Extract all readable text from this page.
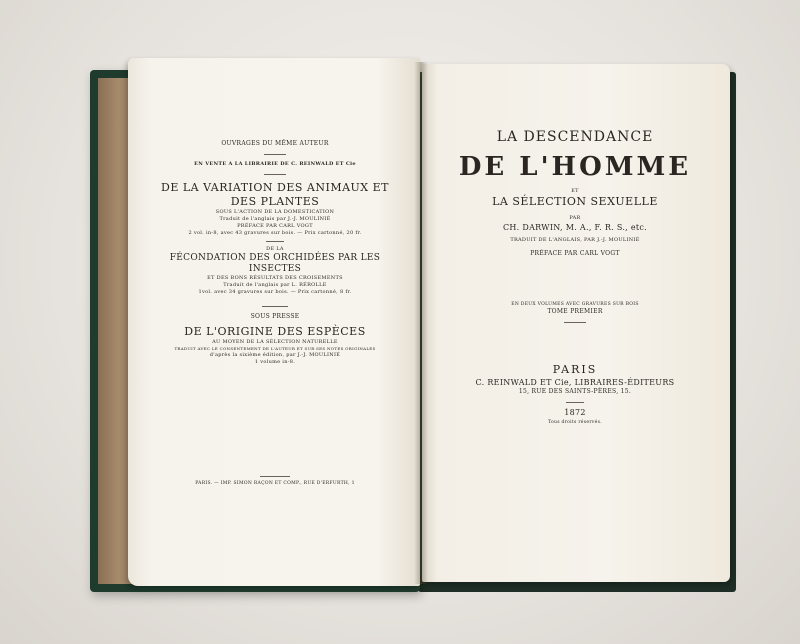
OUVRAGES DU MÊME AUTEUR
EN VENTE A LA LIBRAIRIE DE C. REINWALD ET Cie
DE LA VARIATION DES ANIMAUX ET DES PLANTES
SOUS L'ACTION DE LA DOMESTICATION
Traduit de l'anglais par J.-J. MOULINIÉ
PRÉFACE PAR CARL VOGT
2 vol. in-8, avec 43 gravures sur bois. — Prix cartonné, 20 fr.
DE LA
FÉCONDATION DES ORCHIDÉES PAR LES INSECTES
ET DES BONS RÉSULTATS DES CROISEMENTS
Traduit de l'anglais par L. RÉROLLE
1vol. avec 34 gravures sur bois. — Prix cartonné, 8 fr.
SOUS PRESSE
DE L'ORIGINE DES ESPÈCES
AU MOYEN DE LA SÉLECTION NATURELLE
TRADUIT AVEC LE CONSENTEMENT DE L'AUTEUR ET SUR SES NOTES ORIGINALES
d'après la sixième édition, par J.-J. MOULINIÉ
1 volume in-8.
PARIS. — IMP. SIMON RAÇON ET COMP., RUE D'ERFURTH, 1
LA DESCENDANCE
DE L'HOMME
ET
LA SÉLECTION SEXUELLE
PAR
CH. DARWIN, M. A., F. R. S., etc.
TRADUIT DE L'ANGLAIS, PAR J.-J. MOULINIÉ
PRÉFACE PAR CARL VOGT
EN DEUX VOLUMES AVEC GRAVURES SUR BOIS
TOME PREMIER
PARIS
C. REINWALD ET Cie, LIBRAIRES-ÉDITEURS
15, RUE DES SAINTS-PÈRES, 15.
1872
Tous droits réservés.
